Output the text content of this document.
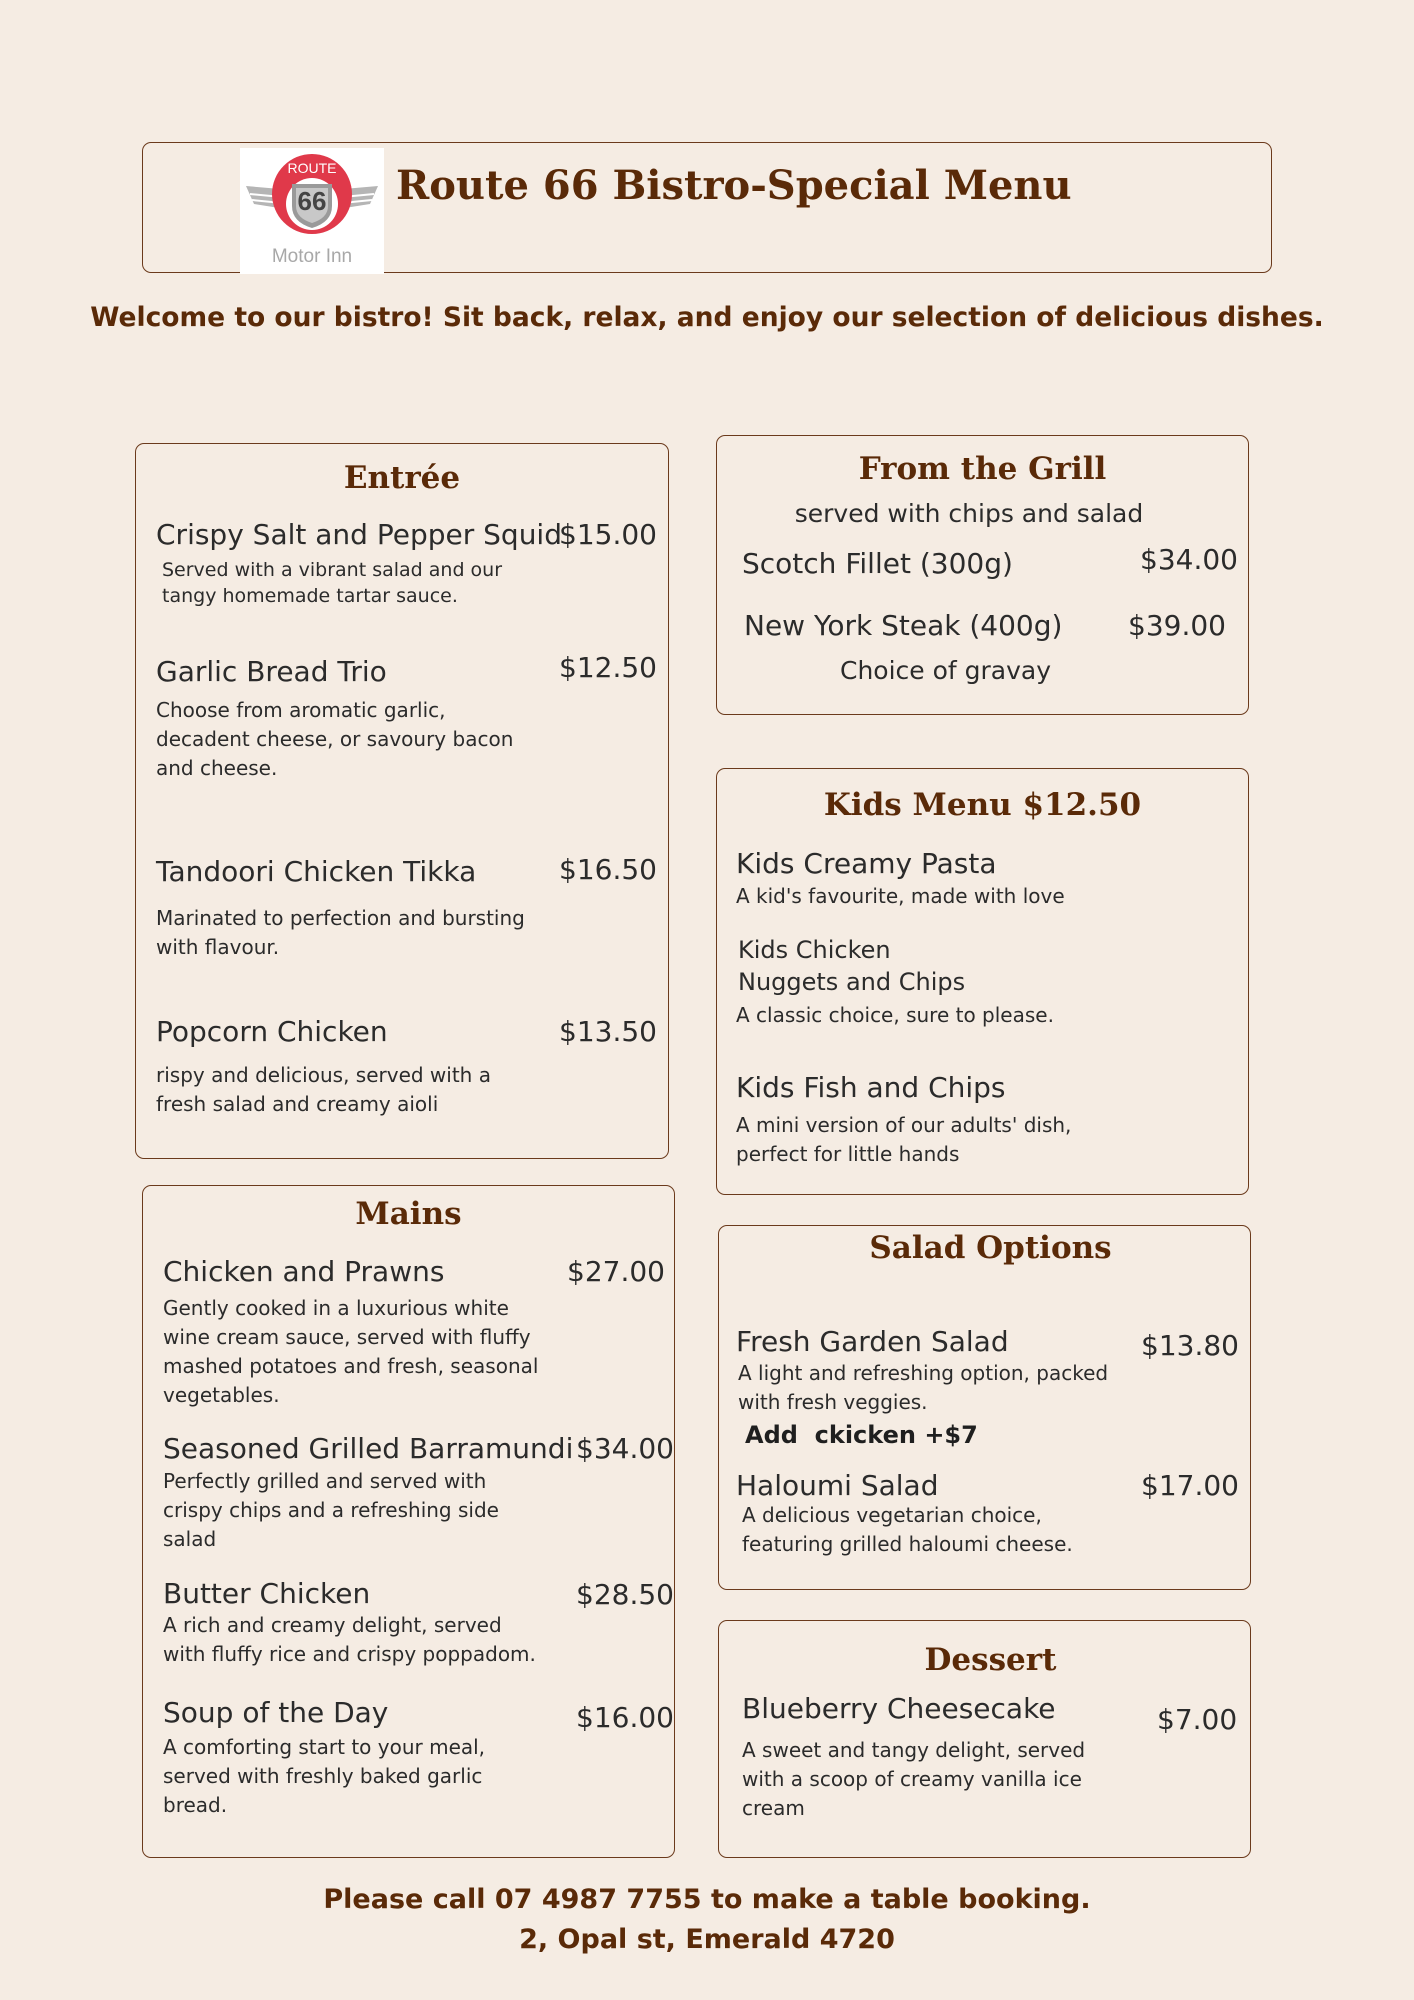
ROUTE
66
Motor Inn
Route 66 Bistro-Special Menu
Welcome to our bistro! Sit back, relax, and enjoy our selection of delicious dishes.
Entrée
Crispy Salt and Pepper Squid
$15.00
Served with a vibrant salad and our
tangy homemade tartar sauce.
Garlic Bread Trio	$12.50
Choose from aromatic garlic,
decadent cheese, or savoury bacon
and cheese.
Tandoori Chicken Tikka	$16.50
Marinated to perfection and bursting
with flavour.
Popcorn Chicken	$13.50
rispy and delicious, served with a
fresh salad and creamy aioli
From the Grill
served with chips and salad
Scotch Fillet (300g)	$34.00
New York Steak (400g) $39.00
Choice of gravay
Kids Menu $12.50
Kids Creamy Pasta
A kid's favourite, made with love
Kids Chicken
Nuggets and Chips
A classic choice, sure to please.
Kids Fish and Chips
A mini version of our adults' dish,
perfect for little hands
Mains
Chicken and Prawns	$27.00
Gently cooked in a luxurious white
wine cream sauce, served with fluffy
mashed potatoes and fresh, seasonal
vegetables.
Seasoned Grilled Barramundi $34.00
Perfectly grilled and served with
crispy chips and a refreshing side
salad
Butter Chicken	$28.50
A rich and creamy delight, served
with fluffy rice and crispy poppadom.
Soup of the Day	$16.00
A comforting start to your meal,
served with freshly baked garlic
bread.
Salad Options
Fresh Garden Salad	$13.80
A light and refreshing option, packed
with fresh veggies.
Add  ckicken +$7
Haloumi Salad	$17.00
A delicious vegetarian choice,
featuring grilled haloumi cheese.
Dessert
Blueberry Cheesecake	$7.00
A sweet and tangy delight, served
with a scoop of creamy vanilla ice
cream
Please call 07 4987 7755 to make a table booking.
2, Opal st, Emerald 4720
